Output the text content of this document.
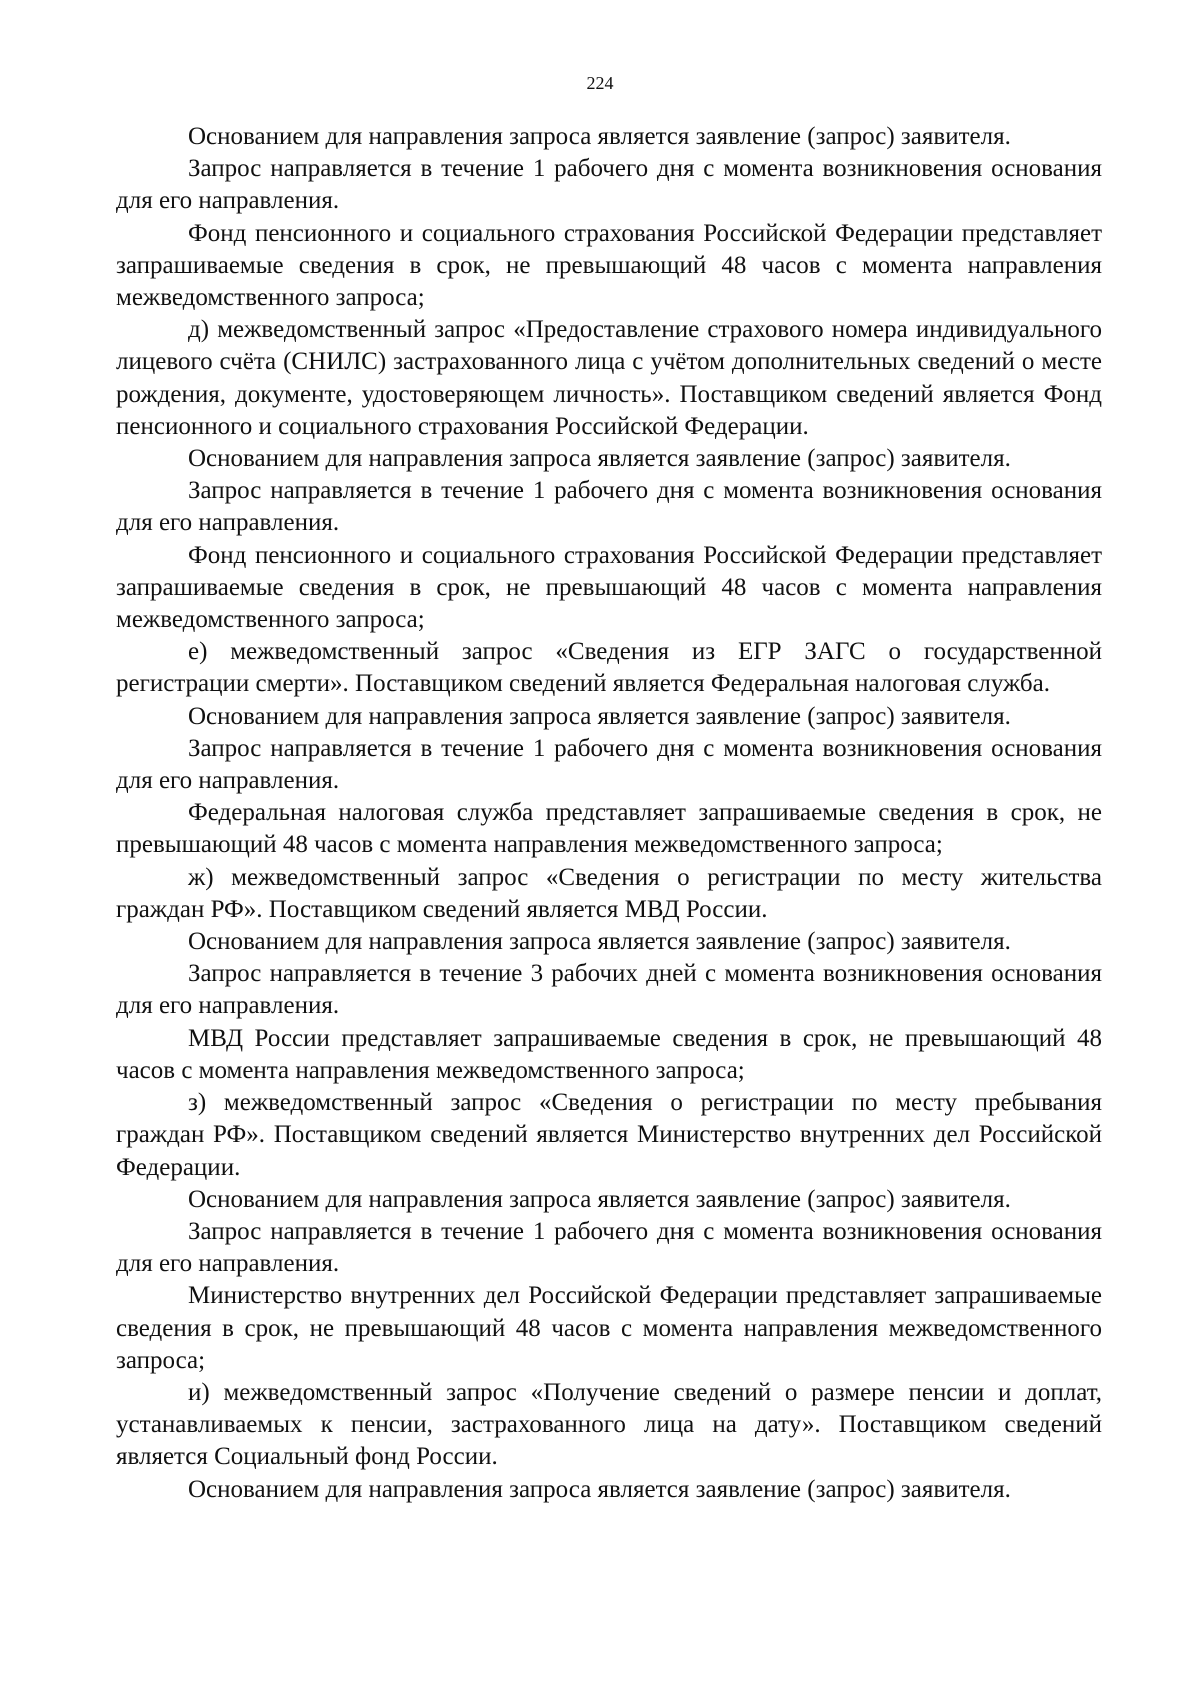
224

Основанием для направления запроса является заявление (запрос) заявителя.

Запрос направляется в течение 1 рабочего дня с момента возникновения основания для его направления.

Фонд пенсионного и социального страхования Российской Федерации представляет запрашиваемые сведения в срок, не превышающий 48 часов с момента направления межведомственного запроса;

д) межведомственный запрос «Предоставление страхового номера индивидуального лицевого счёта (СНИЛС) застрахованного лица с учётом дополнительных сведений о месте рождения, документе, удостоверяющем личность». Поставщиком сведений является Фонд пенсионного и социального страхования Российской Федерации.

Основанием для направления запроса является заявление (запрос) заявителя.

Запрос направляется в течение 1 рабочего дня с момента возникновения основания для его направления.

Фонд пенсионного и социального страхования Российской Федерации представляет запрашиваемые сведения в срок, не превышающий 48 часов с момента направления межведомственного запроса;

е) межведомственный запрос «Сведения из ЕГР ЗАГС о государственной регистрации смерти». Поставщиком сведений является Федеральная налоговая служба.

Основанием для направления запроса является заявление (запрос) заявителя.

Запрос направляется в течение 1 рабочего дня с момента возникновения основания для его направления.

Федеральная налоговая служба представляет запрашиваемые сведения в срок, не превышающий 48 часов с момента направления межведомственного запроса;

ж) межведомственный запрос «Сведения о регистрации по месту жительства граждан РФ». Поставщиком сведений является МВД России.

Основанием для направления запроса является заявление (запрос) заявителя.

Запрос направляется в течение 3 рабочих дней с момента возникновения основания для его направления.

МВД России представляет запрашиваемые сведения в срок, не превышающий 48 часов с момента направления межведомственного запроса;

з) межведомственный запрос «Сведения о регистрации по месту пребывания граждан РФ». Поставщиком сведений является Министерство внутренних дел Российской Федерации.

Основанием для направления запроса является заявление (запрос) заявителя.

Запрос направляется в течение 1 рабочего дня с момента возникновения основания для его направления.

Министерство внутренних дел Российской Федерации представляет запрашиваемые сведения в срок, не превышающий 48 часов с момента направления межведомственного запроса;

и) межведомственный запрос «Получение сведений о размере пенсии и доплат, устанавливаемых к пенсии, застрахованного лица на дату». Поставщиком сведений является Социальный фонд России.

Основанием для направления запроса является заявление (запрос) заявителя.
